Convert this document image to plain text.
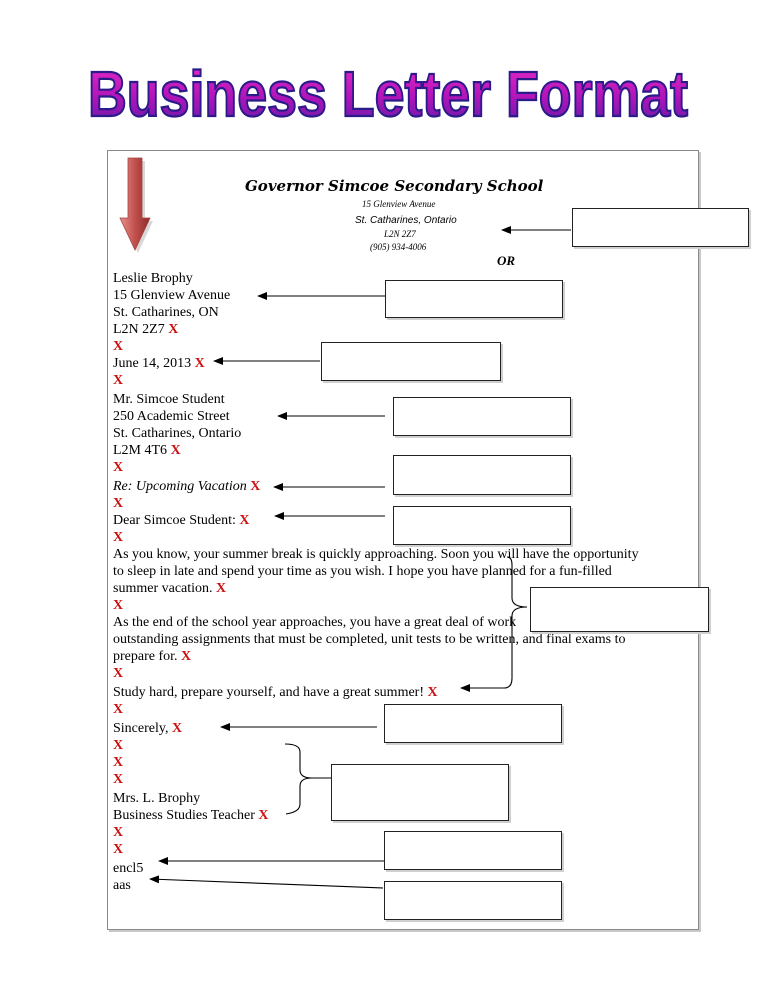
Business Letter Format
Governor Simcoe Secondary School
15 Glenview Avenue
St. Catharines, Ontario
L2N 2Z7
(905) 934-4006
OR
Leslie Brophy
15 Glenview Avenue
St. Catharines, ON
L2N 2Z7 X
X
June 14, 2013 X
X
Mr. Simcoe Student
250 Academic Street
St. Catharines, Ontario
L2M 4T6 X
X
Re: Upcoming Vacation X
X
Dear Simcoe Student: X
X
As you know, your summer break is quickly approaching. Soon you will have the opportunity
to sleep in late and spend your time as you wish. I hope you have planned for a fun-filled
summer vacation. X
X
As the end of the school year approaches, you have a great deal of work
outstanding assignments that must be completed, unit tests to be written, and final exams to
prepare for. X
X
Study hard, prepare yourself, and have a great summer! X
X
Sincerely, X
X
X
X
Mrs. L. Brophy
Business Studies Teacher X
X
X
encl5
aas
